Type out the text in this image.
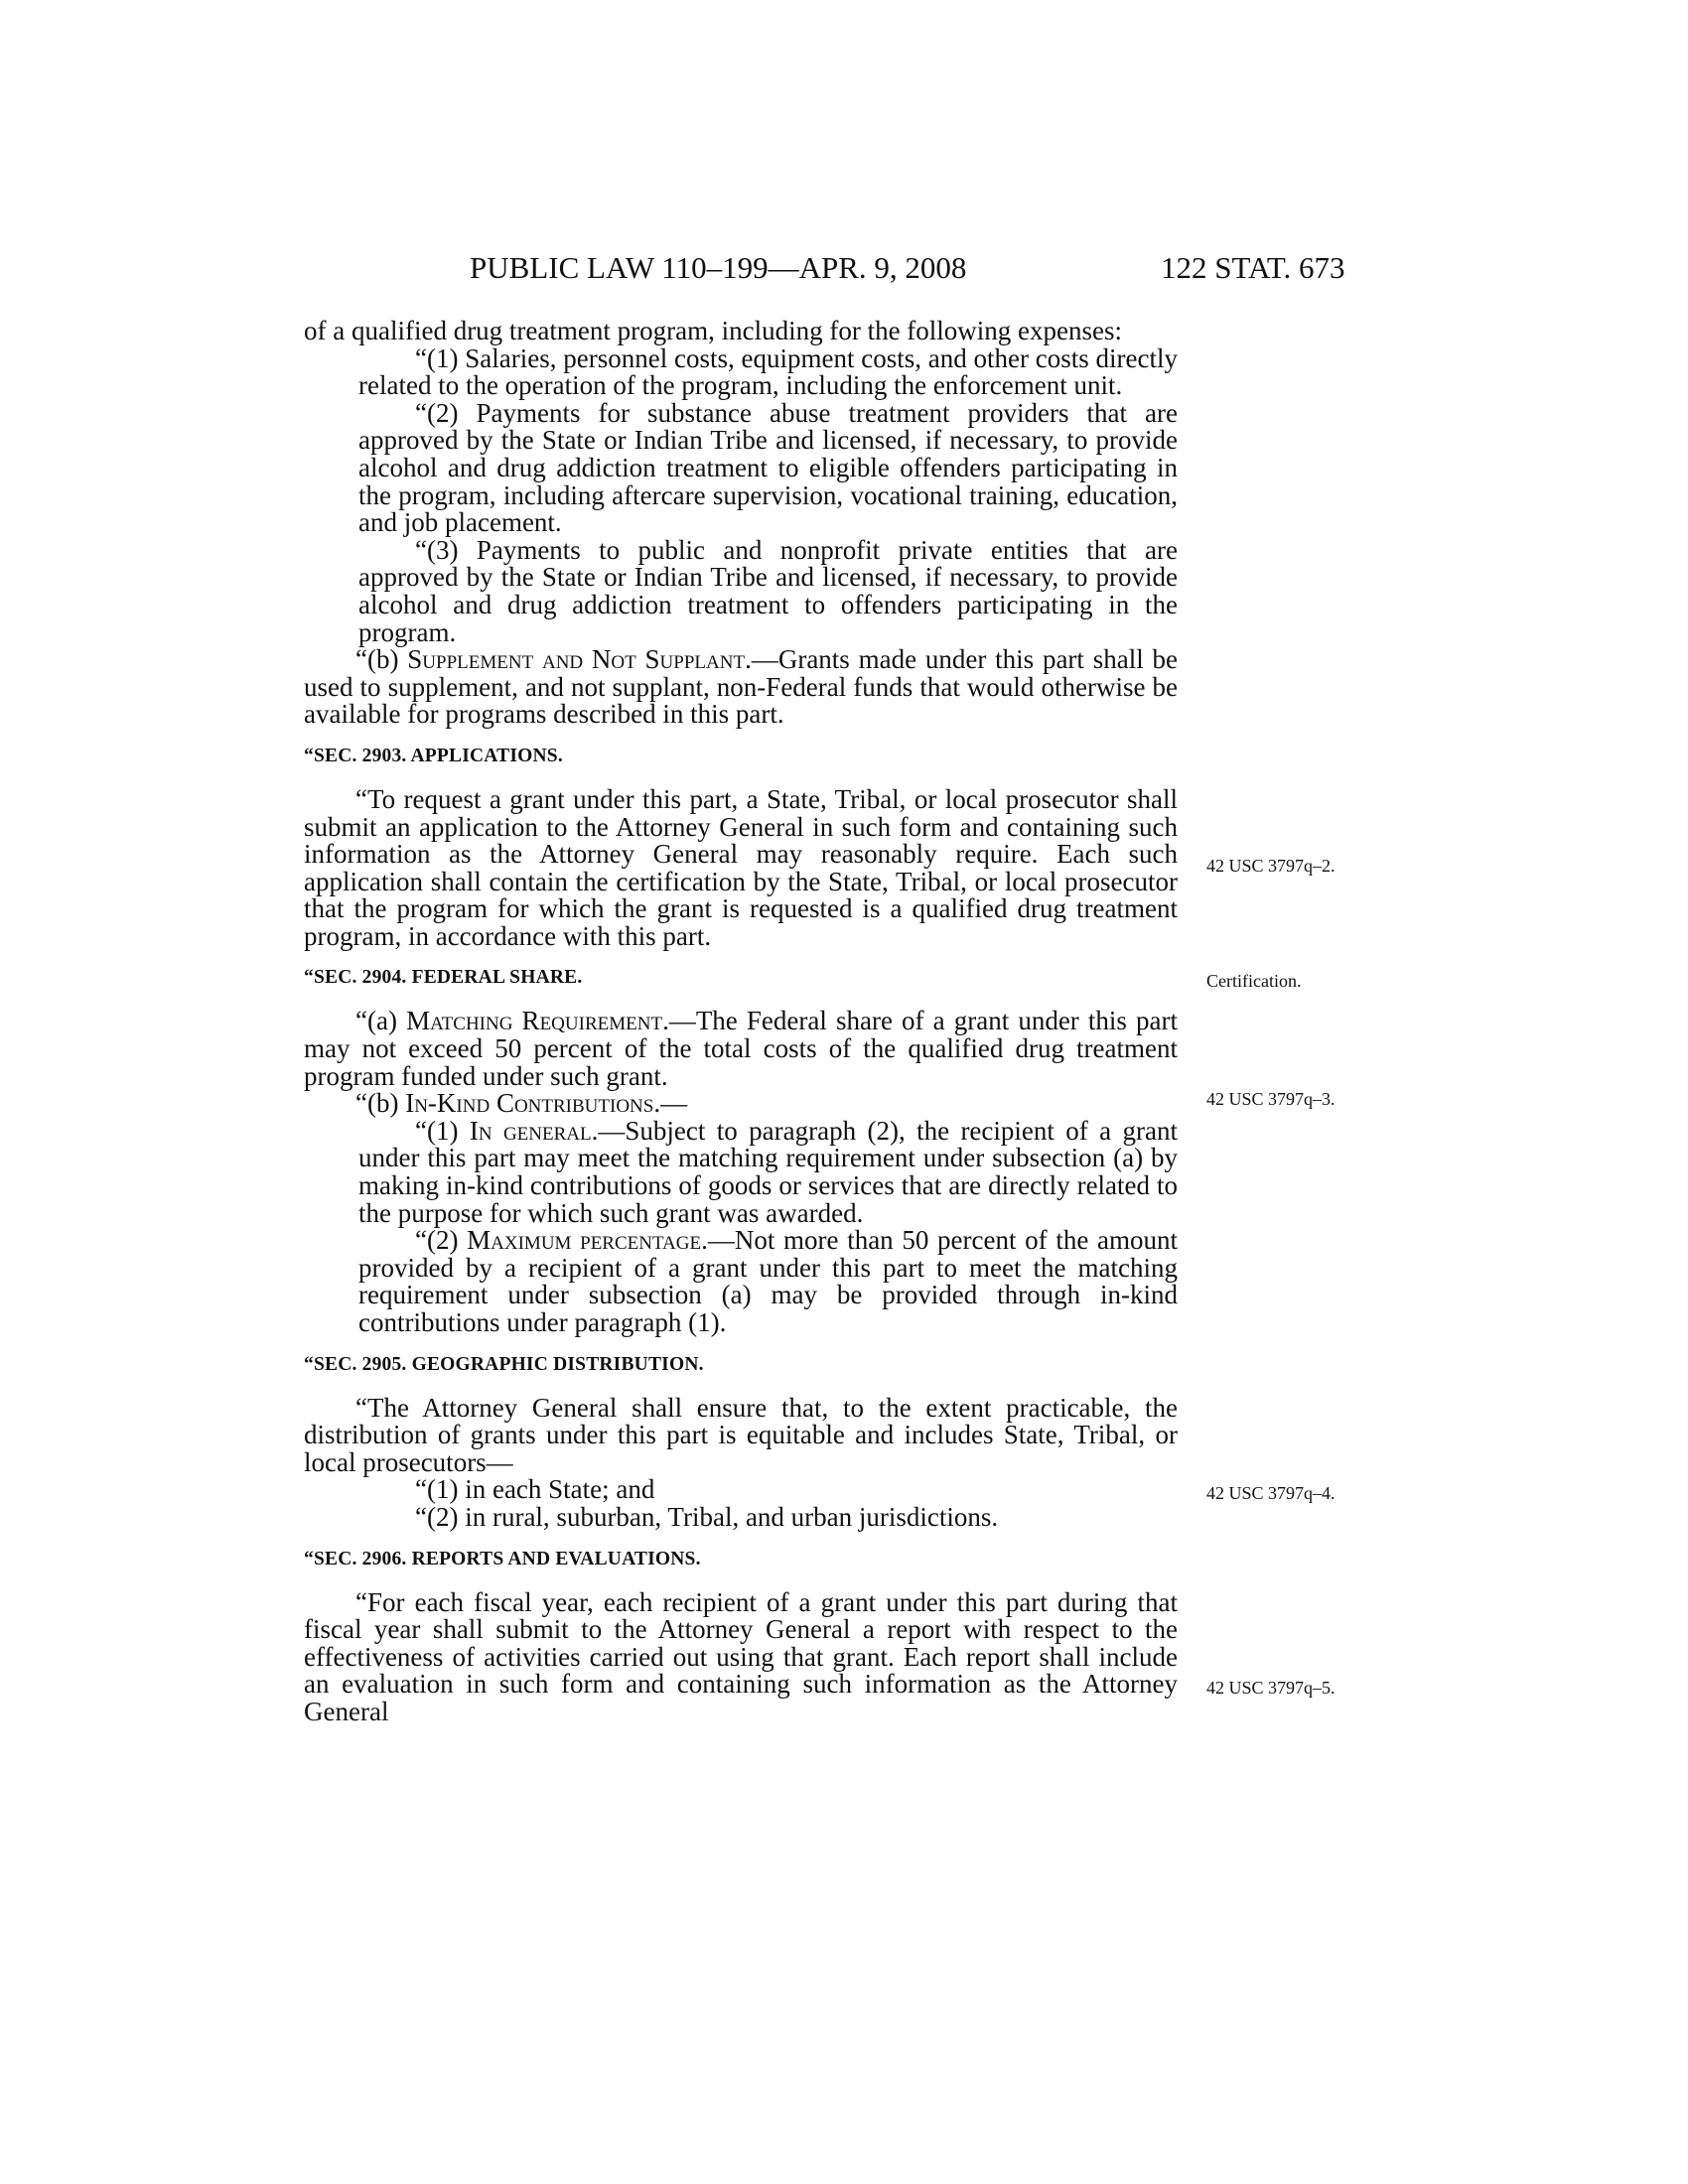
PUBLIC LAW 110–199—APR. 9, 2008	122 STAT. 673

of a qualified drug treatment program, including for the following expenses:

“(1) Salaries, personnel costs, equipment costs, and other costs directly related to the operation of the program, including the enforcement unit.

“(2) Payments for substance abuse treatment providers that are approved by the State or Indian Tribe and licensed, if necessary, to provide alcohol and drug addiction treatment to eligible offenders participating in the program, including aftercare supervision, vocational training, education, and job placement.

“(3) Payments to public and nonprofit private entities that are approved by the State or Indian Tribe and licensed, if necessary, to provide alcohol and drug addiction treatment to offenders participating in the program.

“(b) Supplement and Not Supplant.—Grants made under this part shall be used to supplement, and not supplant, non-Federal funds that would otherwise be available for programs described in this part.

“SEC. 2903. APPLICATIONS.

“To request a grant under this part, a State, Tribal, or local prosecutor shall submit an application to the Attorney General in such form and containing such information as the Attorney General may reasonably require. Each such application shall contain the certification by the State, Tribal, or local prosecutor that the program for which the grant is requested is a qualified drug treatment program, in accordance with this part.

“SEC. 2904. FEDERAL SHARE.

“(a) Matching Requirement.—The Federal share of a grant under this part may not exceed 50 percent of the total costs of the qualified drug treatment program funded under such grant.

“(b) In-Kind Contributions.—

“(1) In general.—Subject to paragraph (2), the recipient of a grant under this part may meet the matching requirement under subsection (a) by making in-kind contributions of goods or services that are directly related to the purpose for which such grant was awarded.

“(2) Maximum percentage.—Not more than 50 percent of the amount provided by a recipient of a grant under this part to meet the matching requirement under subsection (a) may be provided through in-kind contributions under paragraph (1).

“SEC. 2905. GEOGRAPHIC DISTRIBUTION.

“The Attorney General shall ensure that, to the extent practicable, the distribution of grants under this part is equitable and includes State, Tribal, or local prosecutors—

“(1) in each State; and

“(2) in rural, suburban, Tribal, and urban jurisdictions.

“SEC. 2906. REPORTS AND EVALUATIONS.

“For each fiscal year, each recipient of a grant under this part during that fiscal year shall submit to the Attorney General a report with respect to the effectiveness of activities carried out using that grant. Each report shall include an evaluation in such form and containing such information as the Attorney General

42 USC 3797q–2.
Certification.
42 USC 3797q–3.
42 USC 3797q–4.
42 USC 3797q–5.
